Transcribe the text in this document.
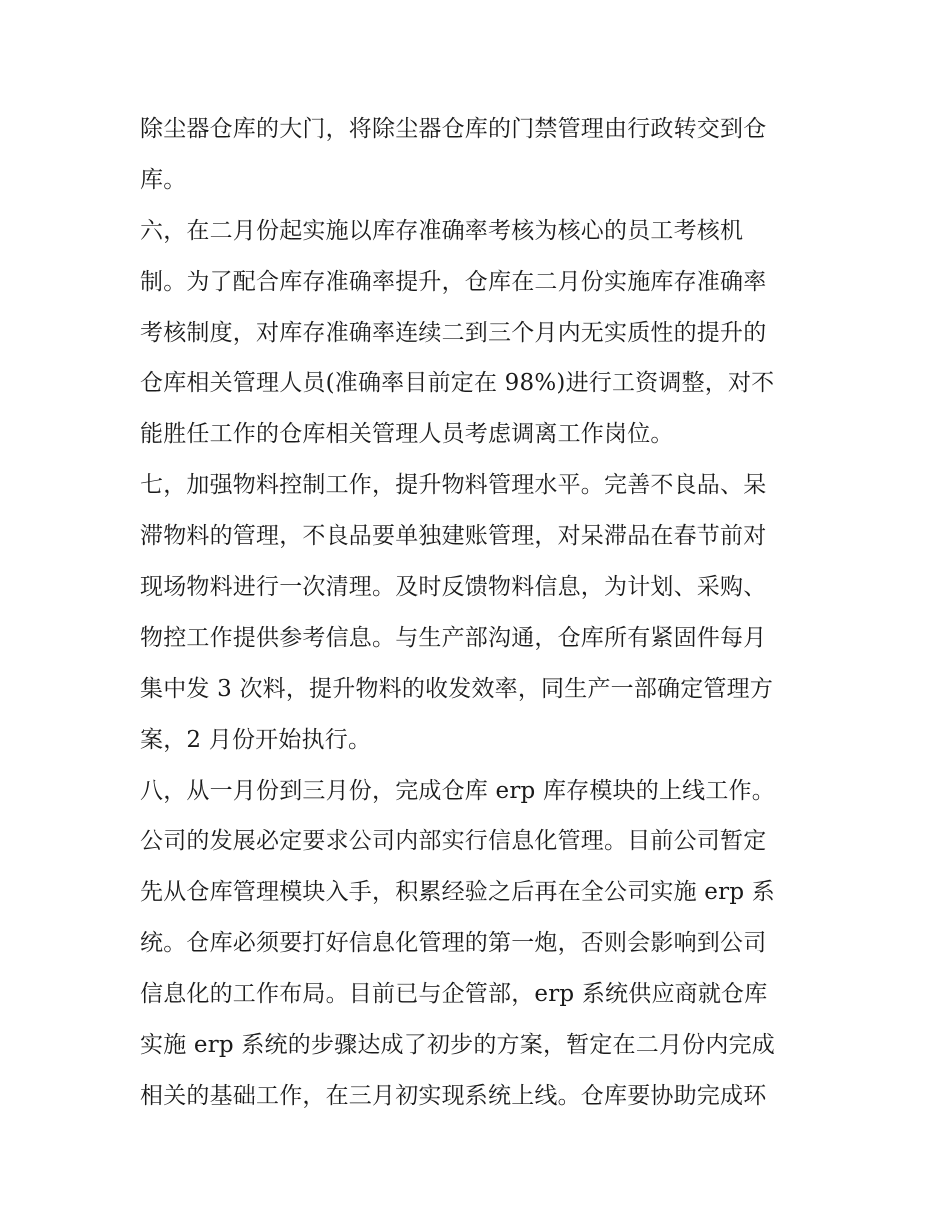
除尘器仓库的大门，将除尘器仓库的门禁管理由行政转交到仓
库。
六，在二月份起实施以库存准确率考核为核心的员工考核机
制。为了配合库存准确率提升，仓库在二月份实施库存准确率
考核制度，对库存准确率连续二到三个月内无实质性的提升的
仓库相关管理人员(准确率目前定在 98%)进行工资调整，对不
能胜任工作的仓库相关管理人员考虑调离工作岗位。
七，加强物料控制工作，提升物料管理水平。完善不良品、呆
滞物料的管理，不良品要单独建账管理，对呆滞品在春节前对
现场物料进行一次清理。及时反馈物料信息，为计划、采购、
物控工作提供参考信息。与生产部沟通，仓库所有紧固件每月
集中发 3 次料，提升物料的收发效率，同生产一部确定管理方
案，2 月份开始执行。
八，从一月份到三月份，完成仓库 erp 库存模块的上线工作。
公司的发展必定要求公司内部实行信息化管理。目前公司暂定
先从仓库管理模块入手，积累经验之后再在全公司实施 erp 系
统。仓库必须要打好信息化管理的第一炮，否则会影响到公司
信息化的工作布局。目前已与企管部，erp 系统供应商就仓库
实施 erp 系统的步骤达成了初步的方案，暂定在二月份内完成
相关的基础工作，在三月初实现系统上线。仓库要协助完成环
